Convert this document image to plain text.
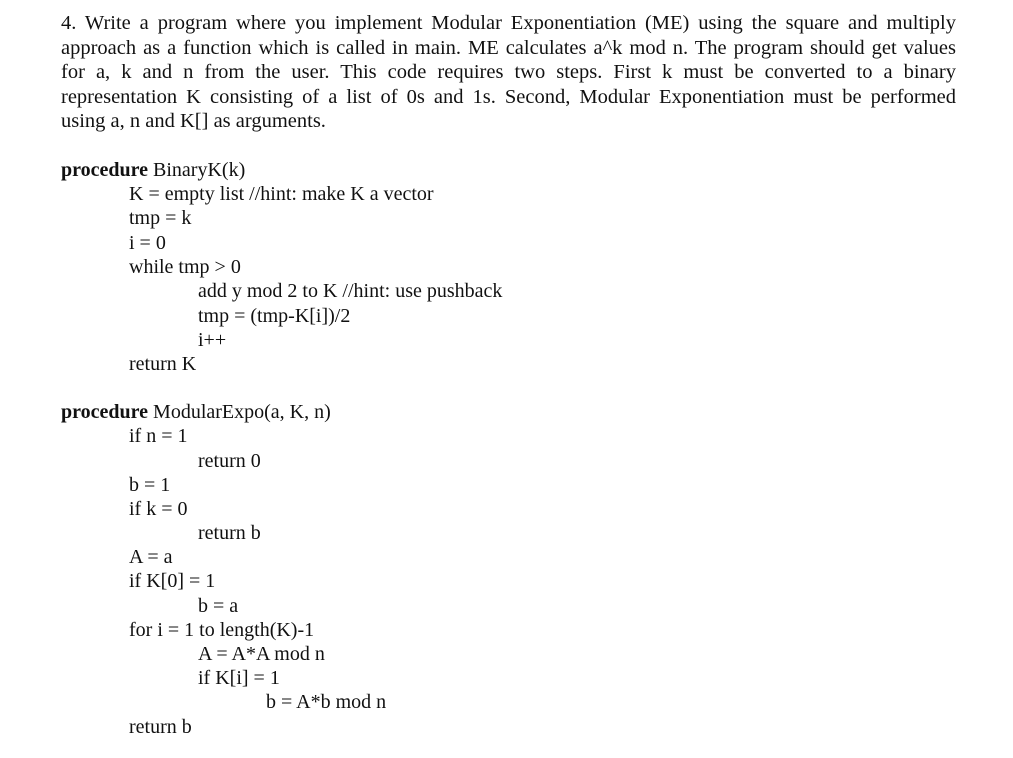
4. Write a program where you implement Modular Exponentiation (ME) using the square and multiply
approach as a function which is called in main. ME calculates a^k mod n. The program should get values
for a, k and n from the user. This code requires two steps. First k must be converted to a binary
representation K consisting of a list of 0s and 1s. Second, Modular Exponentiation must be performed
using a, n and K[] as arguments.
procedure BinaryK(k)
K = empty list //hint: make K a vector
tmp = k
i = 0
while tmp > 0
add y mod 2 to K //hint: use pushback
tmp = (tmp-K[i])/2
i++
return K
procedure ModularExpo(a, K, n)
if n = 1
return 0
b = 1
if k = 0
return b
A = a
if K[0] = 1
b = a
for i = 1 to length(K)-1
A = A*A mod n
if K[i] = 1
b = A*b mod n
return b
